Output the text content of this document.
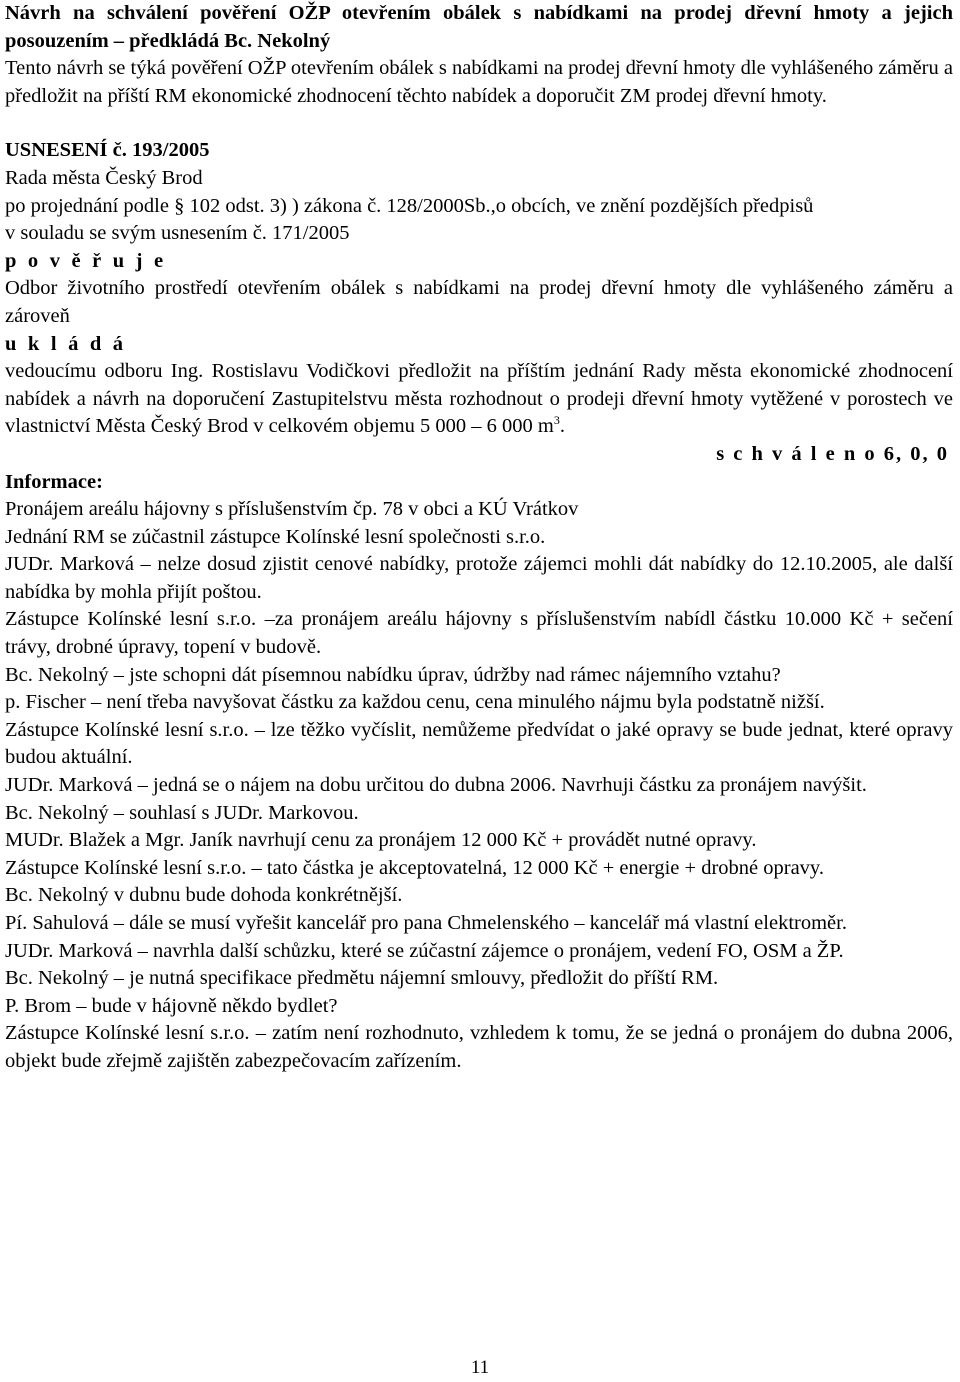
Návrh na schválení pověření OŽP otevřením obálek s nabídkami na prodej dřevní hmoty a jejich posouzením – předkládá Bc. Nekolný

Tento návrh se týká pověření OŽP otevřením obálek s nabídkami na prodej dřevní hmoty dle vyhlášeného záměru a předložit na příští RM ekonomické zhodnocení těchto nabídek a doporučit ZM prodej dřevní hmoty.

USNESENÍ č. 193/2005

Rada města Český Brod

po projednání podle § 102 odst. 3) ) zákona č. 128/2000Sb.,o obcích, ve znění pozdějších předpisů

v souladu se svým usnesením č. 171/2005

p o v ě ř u j e

Odbor životního prostředí otevřením obálek s nabídkami na prodej dřevní hmoty dle vyhlášeného záměru a zároveň

u k l á d á

vedoucímu odboru Ing. Rostislavu Vodičkovi předložit na příštím jednání Rady města ekonomické zhodnocení nabídek a návrh na doporučení Zastupitelstvu města rozhodnout o prodeji dřevní hmoty vytěžené v porostech ve vlastnictví Města Český Brod v celkovém objemu 5 000 – 6 000 $m^3$.

s c h v á l e n o 6, 0, 0

Informace:

Pronájem areálu hájovny s příslušenstvím čp. 78 v obci a KÚ Vrátkov

Jednání RM se zúčastnil zástupce Kolínské lesní společnosti s.r.o.

JUDr. Marková – nelze dosud zjistit cenové nabídky, protože zájemci mohli dát nabídky do 12.10.2005, ale další nabídka by mohla přijít poštou.

Zástupce Kolínské lesní s.r.o. –za pronájem areálu hájovny s příslušenstvím nabídl částku 10.000 Kč + sečení trávy, drobné úpravy, topení v budově.

Bc. Nekolný – jste schopni dát písemnou nabídku úprav, údržby nad rámec nájemního vztahu?

p. Fischer – není třeba navyšovat částku za každou cenu, cena minulého nájmu byla podstatně nižší.

Zástupce Kolínské lesní s.r.o. – lze těžko vyčíslit, nemůžeme předvídat o jaké opravy se bude jednat, které opravy budou aktuální.

JUDr. Marková – jedná se o nájem na dobu určitou do dubna 2006. Navrhuji částku za pronájem navýšit.

Bc. Nekolný – souhlasí s JUDr. Markovou.

MUDr. Blažek a Mgr. Janík navrhují cenu za pronájem 12 000 Kč + provádět nutné opravy.

Zástupce Kolínské lesní s.r.o. – tato částka je akceptovatelná, 12 000 Kč + energie + drobné opravy.

Bc. Nekolný v dubnu bude dohoda konkrétnější.

Pí. Sahulová – dále se musí vyřešit kancelář pro pana Chmelenského – kancelář má vlastní elektroměr.

JUDr. Marková – navrhla další schůzku, které se zúčastní zájemce o pronájem, vedení FO, OSM a ŽP.

Bc. Nekolný – je nutná specifikace předmětu nájemní smlouvy, předložit do příští RM.

P. Brom – bude v hájovně někdo bydlet?

Zástupce Kolínské lesní s.r.o. – zatím není rozhodnuto, vzhledem k tomu, že se jedná o pronájem do dubna 2006, objekt bude zřejmě zajištěn zabezpečovacím zařízením.

11
